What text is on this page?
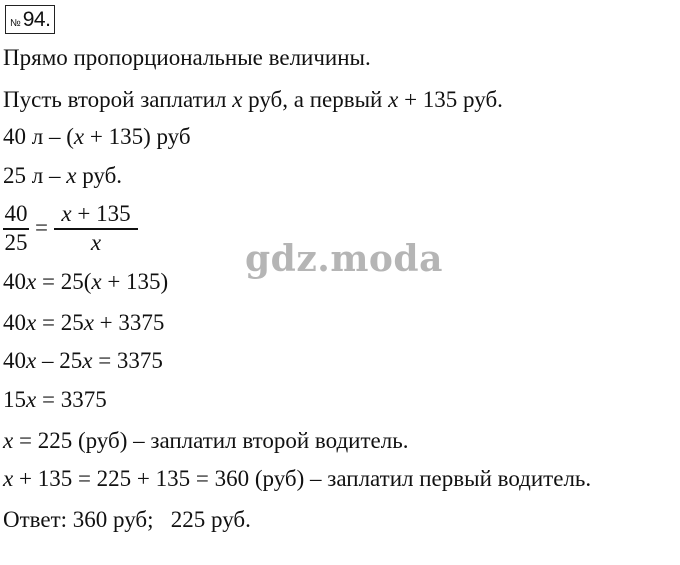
№ 94.
Прямо пропорциональные величины.
Пусть второй заплатил x руб, а первый x + 135 руб.
40 л – (x + 135) руб
25 л – x руб.
$\frac{40}{25} = \frac{x + 135}{x}$
40x = 25(x + 135)
40x = 25x + 3375
40x – 25x = 3375
15x = 3375
x = 225 (руб) – заплатил второй водитель.
x + 135 = 225 + 135 = 360 (руб) – заплатил первый водитель.
Ответ: 360 руб;   225 руб.
gdz.moda
